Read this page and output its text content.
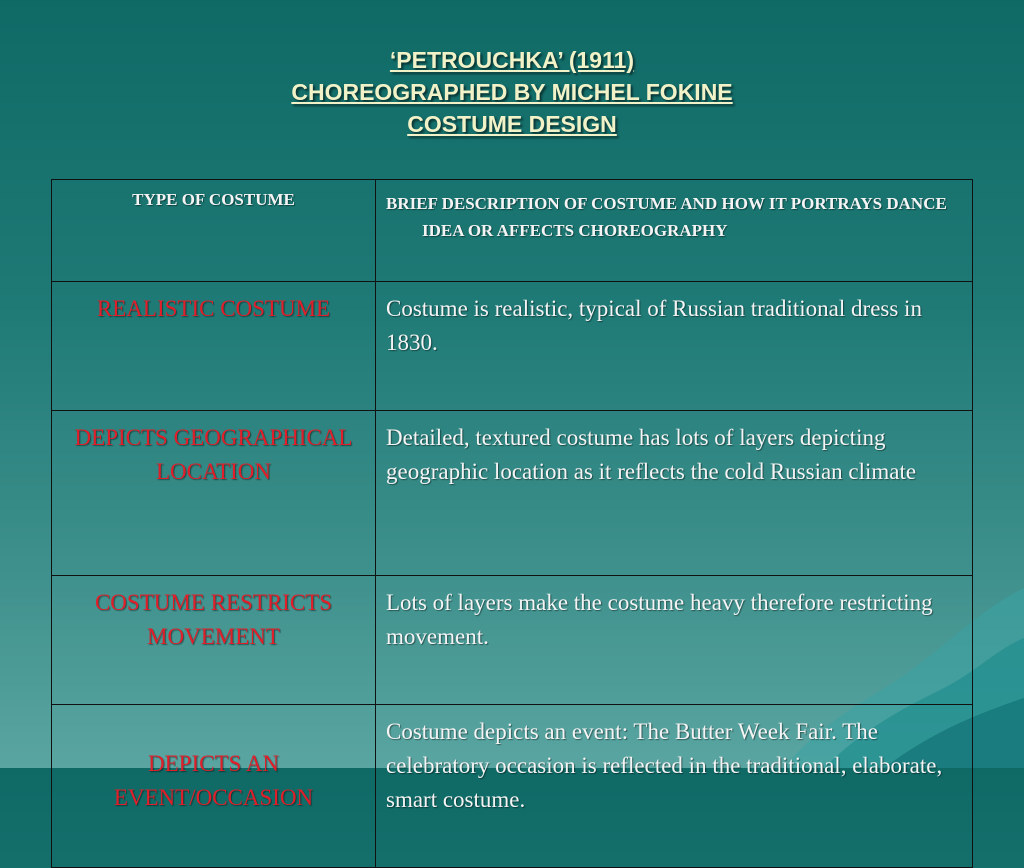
‘PETROUCHKA’ (1911)
CHOREOGRAPHED BY MICHEL FOKINE
COSTUME DESIGN
TYPE OF COSTUME	BRIEF DESCRIPTION OF COSTUME AND HOW IT PORTRAYS DANCE IDEA OR AFFECTS CHOREOGRAPHY
REALISTIC COSTUME	Costume is realistic, typical of Russian traditional dress in 1830.
DEPICTS GEOGRAPHICAL LOCATION	Detailed, textured costume has lots of layers depicting geographic location as it reflects the cold Russian climate
COSTUME RESTRICTS MOVEMENT	Lots of layers make the costume heavy therefore restricting movement.
DEPICTS AN EVENT/OCCASION	Costume depicts an event: The Butter Week Fair. The celebratory occasion is reflected in the traditional, elaborate, smart costume.
